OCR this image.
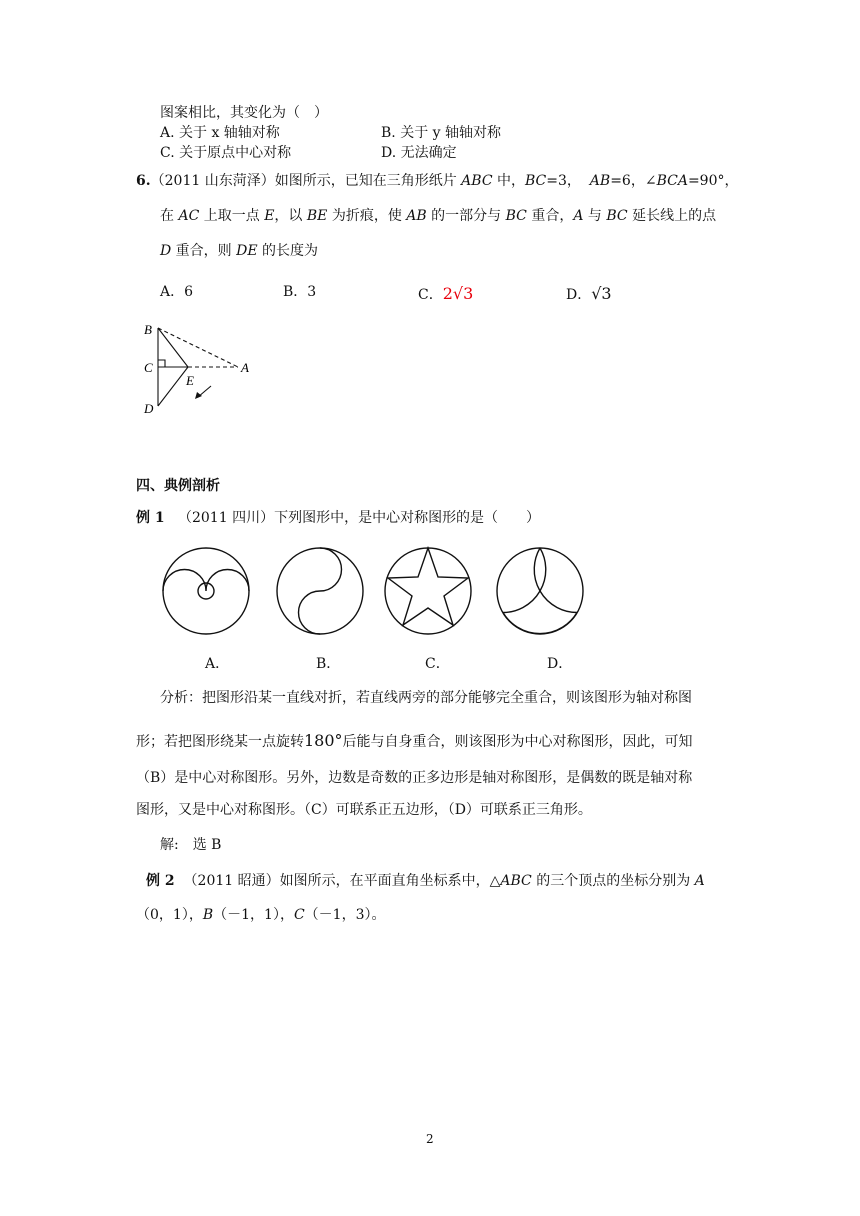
图案相比，其变化为（　）
A. 关于 x 轴轴对称	B. 关于 y 轴轴对称
C. 关于原点中心对称	D. 无法确定
6.（2011 山东菏泽）如图所示，已知在三角形纸片 ABC 中，BC=3， AB=6，∠BCA=90°，
在 AC 上取一点 E，以 BE 为折痕，使 AB 的一部分与 BC 重合，A 与 BC 延长线上的点
D 重合，则 DE 的长度为
A．6	B．3	C．2√3	D．√3
B
C	A
E
D
四、典例剖析
例 1 （2011 四川）下列图形中，是中心对称图形的是（　　）
A．	B．	C．	D．
分析：把图形沿某一直线对折，若直线两旁的部分能够完全重合，则该图形为轴对称图
形；若把图形绕某一点旋转180°后能与自身重合，则该图形为中心对称图形，因此，可知
（B）是中心对称图形。另外，边数是奇数的正多边形是轴对称图形，是偶数的既是轴对称
图形，又是中心对称图形。（C）可联系正五边形，（D）可联系正三角形。
解:　选 B
例 2 （2011 昭通）如图所示，在平面直角坐标系中，△ABC 的三个顶点的坐标分别为 A
（0，1），B（－1，1），C（－1，3）。
2
